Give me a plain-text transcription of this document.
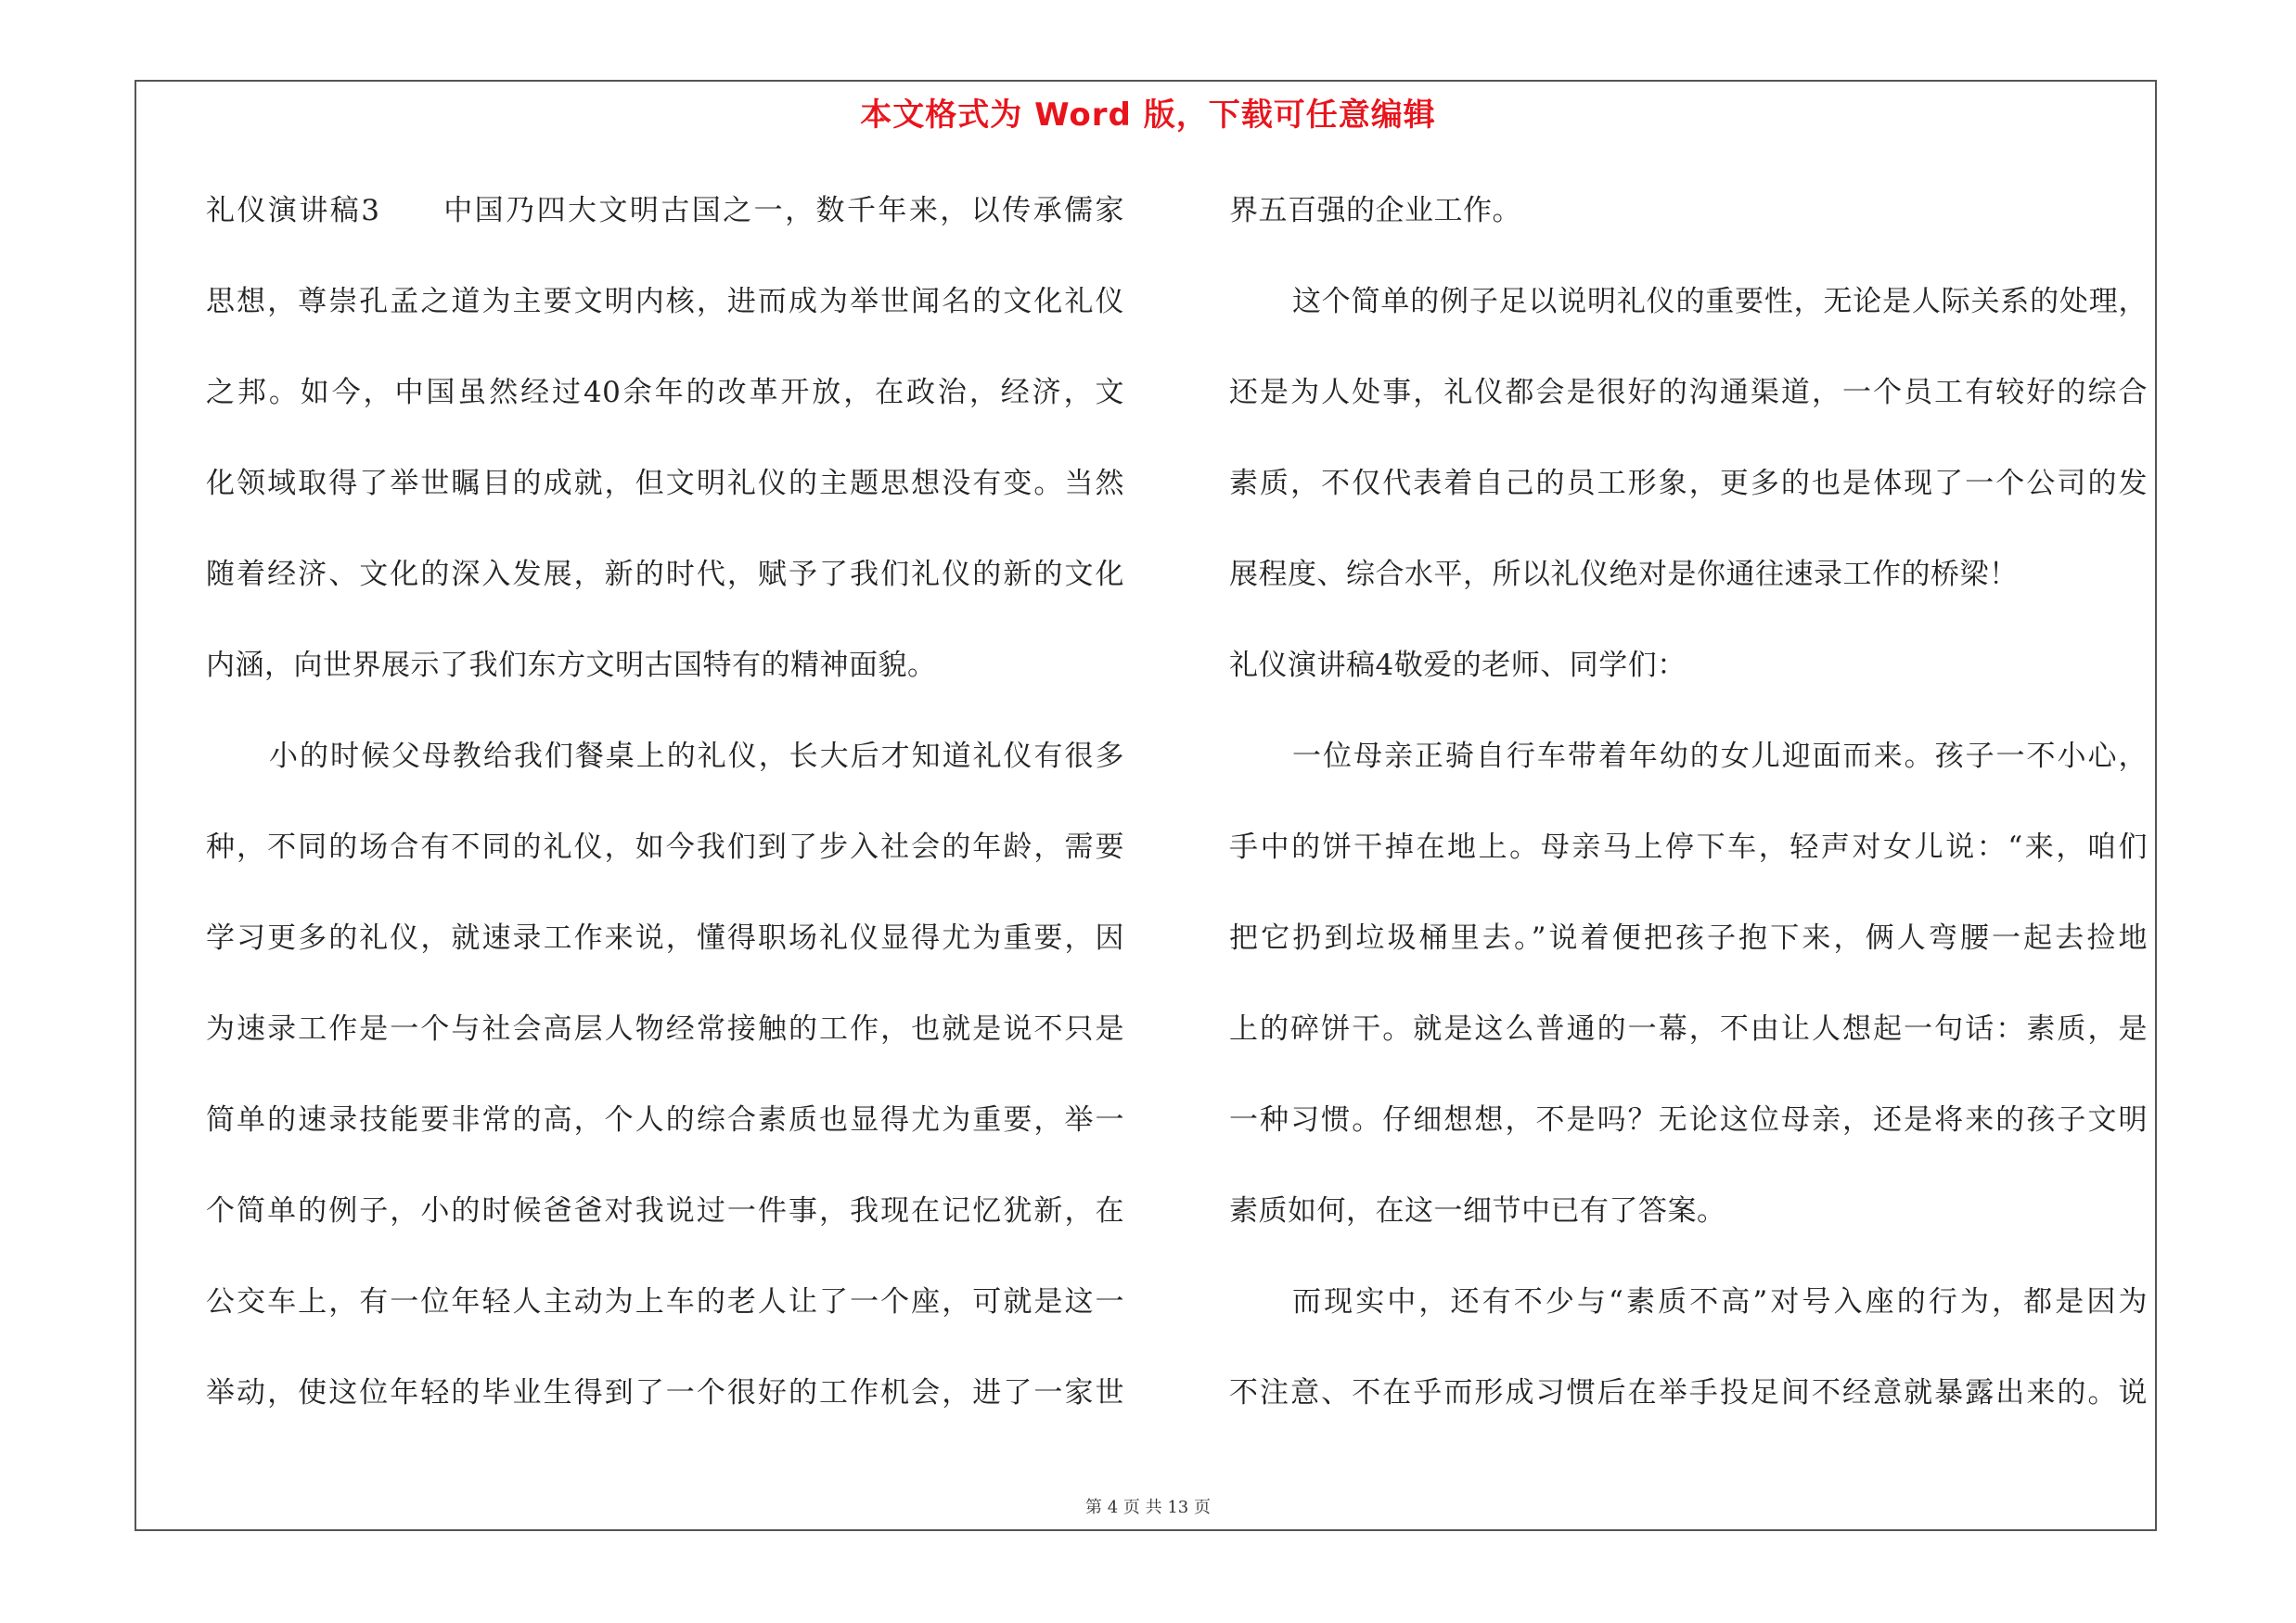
本文格式为 Word 版，下载可任意编辑
礼仪演讲稿3　　中国乃四大文明古国之一，数千年来，以传承儒家
思想，尊崇孔孟之道为主要文明内核，进而成为举世闻名的文化礼仪
之邦。如今，中国虽然经过40余年的改革开放，在政治，经济，文
化领域取得了举世瞩目的成就，但文明礼仪的主题思想没有变。当然
随着经济、文化的深入发展，新的时代，赋予了我们礼仪的新的文化
内涵，向世界展示了我们东方文明古国特有的精神面貌。
小的时候父母教给我们餐桌上的礼仪，长大后才知道礼仪有很多
种，不同的场合有不同的礼仪，如今我们到了步入社会的年龄，需要
学习更多的礼仪，就速录工作来说，懂得职场礼仪显得尤为重要，因
为速录工作是一个与社会高层人物经常接触的工作，也就是说不只是
简单的速录技能要非常的高，个人的综合素质也显得尤为重要，举一
个简单的例子，小的时候爸爸对我说过一件事，我现在记忆犹新，在
公交车上，有一位年轻人主动为上车的老人让了一个座，可就是这一
举动，使这位年轻的毕业生得到了一个很好的工作机会，进了一家世
界五百强的企业工作。
这个简单的例子足以说明礼仪的重要性，无论是人际关系的处理，
还是为人处事，礼仪都会是很好的沟通渠道，一个员工有较好的综合
素质，不仅代表着自己的员工形象，更多的也是体现了一个公司的发
展程度、综合水平，所以礼仪绝对是你通往速录工作的桥梁！
礼仪演讲稿4敬爱的老师、同学们：
一位母亲正骑自行车带着年幼的女儿迎面而来。孩子一不小心，
手中的饼干掉在地上。母亲马上停下车，轻声对女儿说：“来，咱们
把它扔到垃圾桶里去。”说着便把孩子抱下来，俩人弯腰一起去捡地
上的碎饼干。就是这么普通的一幕，不由让人想起一句话：素质，是
一种习惯。仔细想想，不是吗？无论这位母亲，还是将来的孩子文明
素质如何，在这一细节中已有了答案。
而现实中，还有不少与“素质不高”对号入座的行为，都是因为
不注意、不在乎而形成习惯后在举手投足间不经意就暴露出来的。说
第 4 页 共 13 页
